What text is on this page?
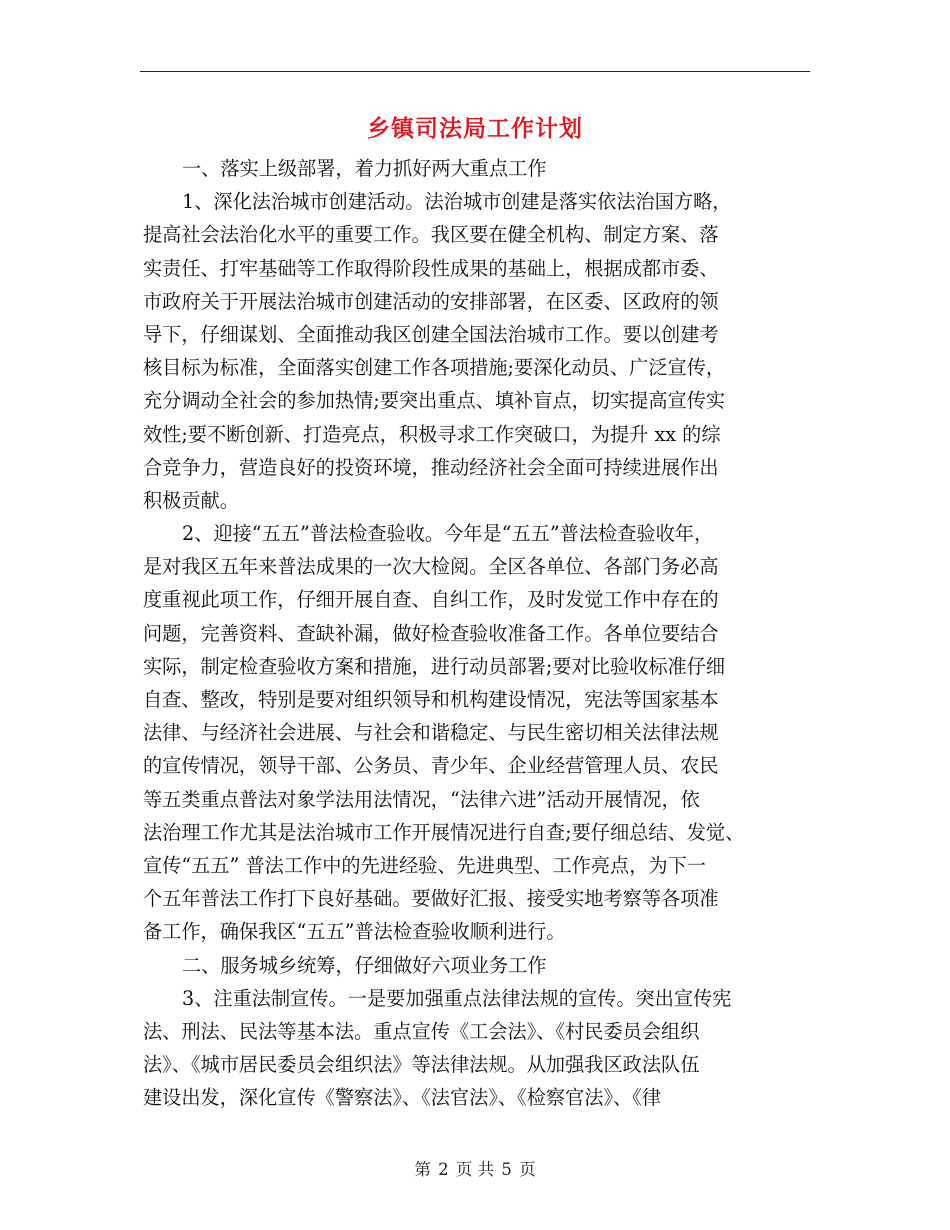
乡镇司法局工作计划
一、落实上级部署，着力抓好两大重点工作
1、深化法治城市创建活动。法治城市创建是落实依法治国方略，
提高社会法治化水平的重要工作。我区要在健全机构、制定方案、落
实责任、打牢基础等工作取得阶段性成果的基础上，根据成都市委、
市政府关于开展法治城市创建活动的安排部署，在区委、区政府的领
导下，仔细谋划、全面推动我区创建全国法治城市工作。要以创建考
核目标为标准，全面落实创建工作各项措施;要深化动员、广泛宣传，
充分调动全社会的参加热情;要突出重点、填补盲点，切实提高宣传实
效性;要不断创新、打造亮点，积极寻求工作突破口，为提升 xx 的综
合竞争力，营造良好的投资环境，推动经济社会全面可持续进展作出
积极贡献。
2、迎接“五五”普法检查验收。今年是“五五”普法检查验收年，
是对我区五年来普法成果的一次大检阅。全区各单位、各部门务必高
度重视此项工作，仔细开展自查、自纠工作，及时发觉工作中存在的
问题，完善资料、查缺补漏，做好检查验收准备工作。各单位要结合
实际，制定检查验收方案和措施，进行动员部署;要对比验收标准仔细
自查、整改，特别是要对组织领导和机构建设情况，宪法等国家基本
法律、与经济社会进展、与社会和谐稳定、与民生密切相关法律法规
的宣传情况，领导干部、公务员、青少年、企业经营管理人员、农民
等五类重点普法对象学法用法情况，“法律六进”活动开展情况，依
法治理工作尤其是法治城市工作开展情况进行自查;要仔细总结、发觉、
宣传“五五” 普法工作中的先进经验、先进典型、工作亮点，为下一
个五年普法工作打下良好基础。要做好汇报、接受实地考察等各项准
备工作，确保我区“五五”普法检查验收顺利进行。
二、服务城乡统筹，仔细做好六项业务工作
3、注重法制宣传。一是要加强重点法律法规的宣传。突出宣传宪
法、刑法、民法等基本法。重点宣传《工会法》、《村民委员会组织
法》、《城市居民委员会组织法》等法律法规。从加强我区政法队伍
建设出发，深化宣传《警察法》、《法官法》、《检察官法》、《律
第 2 页 共 5 页
